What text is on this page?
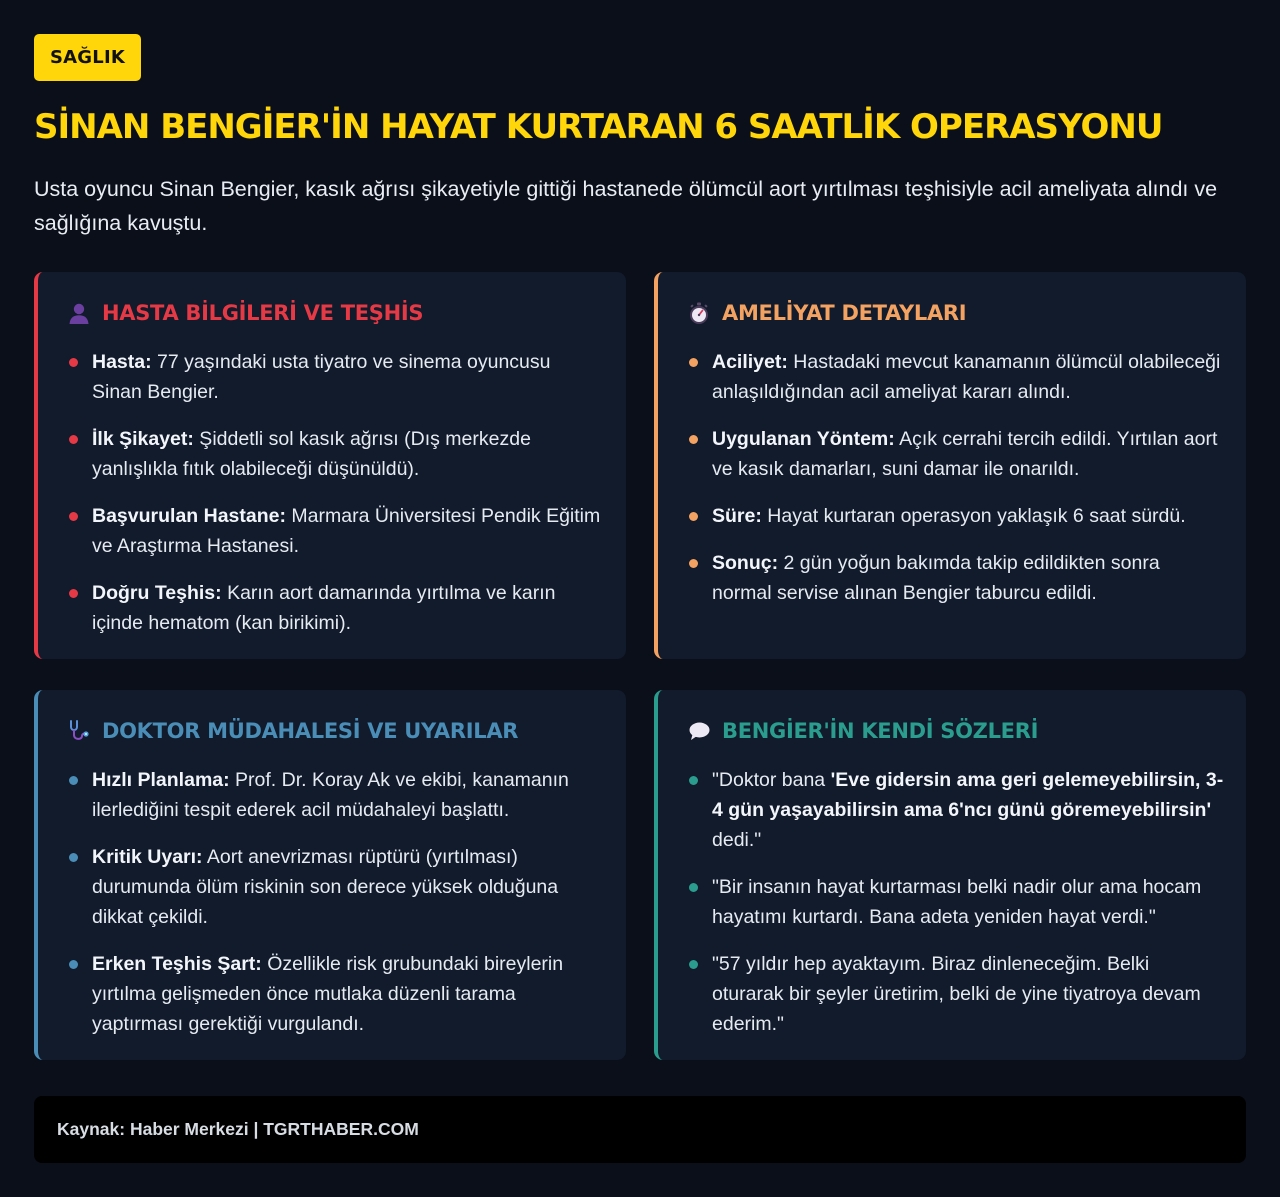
SAĞLIK
SİNAN BENGİER'İN HAYAT KURTARAN 6 SAATLİK OPERASYONU

Usta oyuncu Sinan Bengier, kasık ağrısı şikayetiyle gittiği hastanede ölümcül aort yırtılması teşhisiyle acil ameliyata alındı ve sağlığına kavuştu.

HASTA BİLGİLERİ VE TEŞHİS
Hasta: 77 yaşındaki usta tiyatro ve sinema oyuncusu Sinan Bengier.
İlk Şikayet: Şiddetli sol kasık ağrısı (Dış merkezde yanlışlıkla fıtık olabileceği düşünüldü).
Başvurulan Hastane: Marmara Üniversitesi Pendik Eğitim ve Araştırma Hastanesi.
Doğru Teşhis: Karın aort damarında yırtılma ve karın içinde hematom (kan birikimi).
AMELİYAT DETAYLARI
Aciliyet: Hastadaki mevcut kanamanın ölümcül olabileceği anlaşıldığından acil ameliyat kararı alındı.
Uygulanan Yöntem: Açık cerrahi tercih edildi. Yırtılan aort ve kasık damarları, suni damar ile onarıldı.
Süre: Hayat kurtaran operasyon yaklaşık 6 saat sürdü.
Sonuç: 2 gün yoğun bakımda takip edildikten sonra normal servise alınan Bengier taburcu edildi.
DOKTOR MÜDAHALESİ VE UYARILAR
Hızlı Planlama: Prof. Dr. Koray Ak ve ekibi, kanamanın ilerlediğini tespit ederek acil müdahaleyi başlattı.
Kritik Uyarı: Aort anevrizması rüptürü (yırtılması) durumunda ölüm riskinin son derece yüksek olduğuna dikkat çekildi.
Erken Teşhis Şart: Özellikle risk grubundaki bireylerin yırtılma gelişmeden önce mutlaka düzenli tarama yaptırması gerektiği vurgulandı.
BENGİER'İN KENDİ SÖZLERİ
"Doktor bana 'Eve gidersin ama geri gelemeyebilirsin, 3-4 gün yaşayabilirsin ama 6'ncı günü göremeyebilirsin' dedi."
"Bir insanın hayat kurtarması belki nadir olur ama hocam hayatımı kurtardı. Bana adeta yeniden hayat verdi."
"57 yıldır hep ayaktayım. Biraz dinleneceğim. Belki oturarak bir şeyler üretirim, belki de yine tiyatroya devam ederim."
Kaynak: Haber Merkezi | TGRTHABER.COM
